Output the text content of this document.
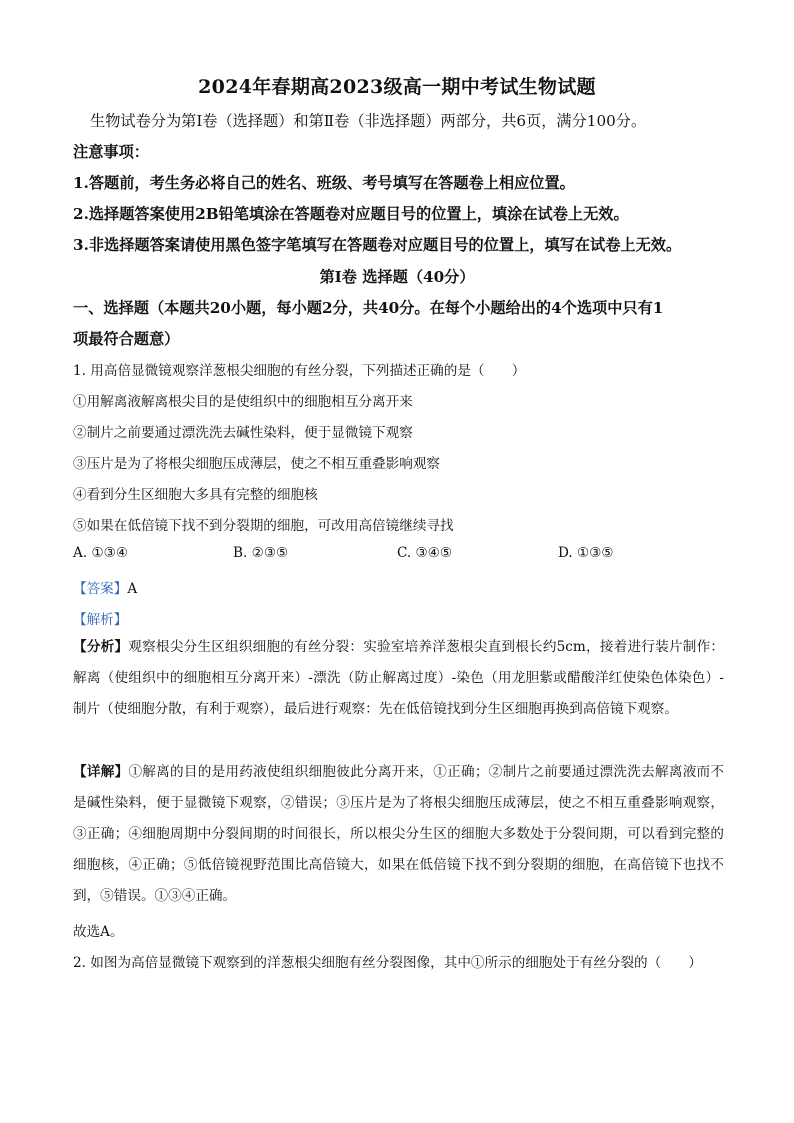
2024年春期高2023级高一期中考试生物试题
生物试卷分为第Ⅰ卷（选择题）和第Ⅱ卷（非选择题）两部分，共6页，满分100分。
注意事项：
1.答题前，考生务必将自己的姓名、班级、考号填写在答题卷上相应位置。
2.选择题答案使用2B铅笔填涂在答题卷对应题目号的位置上，填涂在试卷上无效。
3.非选择题答案请使用黑色签字笔填写在答题卷对应题目号的位置上，填写在试卷上无效。
第Ⅰ卷 选择题（40分）
一、选择题（本题共20小题，每小题2分，共40分。在每个小题给出的4个选项中只有1
项最符合题意）
1. 用高倍显微镜观察洋葱根尖细胞的有丝分裂，下列描述正确的是（　　）
①用解离液解离根尖目的是使组织中的细胞相互分离开来
②制片之前要通过漂洗洗去碱性染料，便于显微镜下观察
③压片是为了将根尖细胞压成薄层，使之不相互重叠影响观察
④看到分生区细胞大多具有完整的细胞核
⑤如果在低倍镜下找不到分裂期的细胞，可改用高倍镜继续寻找
A. ①③④	B. ②③⑤	C. ③④⑤	D. ①③⑤
【答案】A
【解析】
【分析】观察根尖分生区组织细胞的有丝分裂：实验室培养洋葱根尖直到根长约5cm，接着进行装片制作：解离（使组织中的细胞相互分离开来）-漂洗（防止解离过度）-染色（用龙胆紫或醋酸洋红使染色体染色）-制片（使细胞分散，有利于观察），最后进行观察：先在低倍镜找到分生区细胞再换到高倍镜下观察。
【详解】①解离的目的是用药液使组织细胞彼此分离开来，①正确；②制片之前要通过漂洗洗去解离液而不是碱性染料，便于显微镜下观察，②错误；③压片是为了将根尖细胞压成薄层，使之不相互重叠影响观察，③正确；④细胞周期中分裂间期的时间很长，所以根尖分生区的细胞大多数处于分裂间期，可以看到完整的细胞核，④正确；⑤低倍镜视野范围比高倍镜大，如果在低倍镜下找不到分裂期的细胞，在高倍镜下也找不到，⑤错误。①③④正确。
故选A。
2. 如图为高倍显微镜下观察到的洋葱根尖细胞有丝分裂图像，其中①所示的细胞处于有丝分裂的（　　）
